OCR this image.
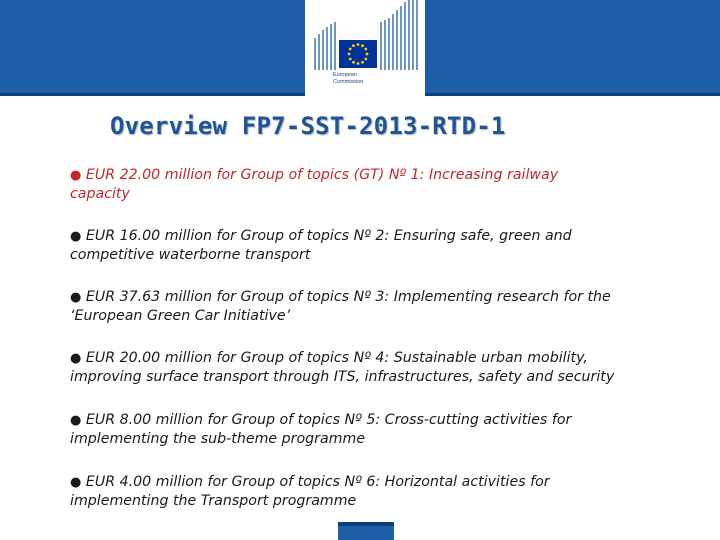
European
Commission
Overview FP7-SST-2013-RTD-1
● EUR 22.00 million for Group of topics (GT) Nº 1: Increasing railway
capacity
● EUR 16.00 million for Group of topics Nº 2: Ensuring safe, green and
competitive waterborne transport
● EUR 37.63 million for Group of topics Nº 3: Implementing research for the
‘European Green Car Initiative’
● EUR 20.00 million for Group of topics Nº 4: Sustainable urban mobility,
improving surface transport through ITS, infrastructures, safety and security
● EUR 8.00 million for Group of topics Nº 5: Cross-cutting activities for
implementing the sub-theme programme
● EUR 4.00 million for Group of topics Nº 6: Horizontal activities for
implementing the Transport programme
